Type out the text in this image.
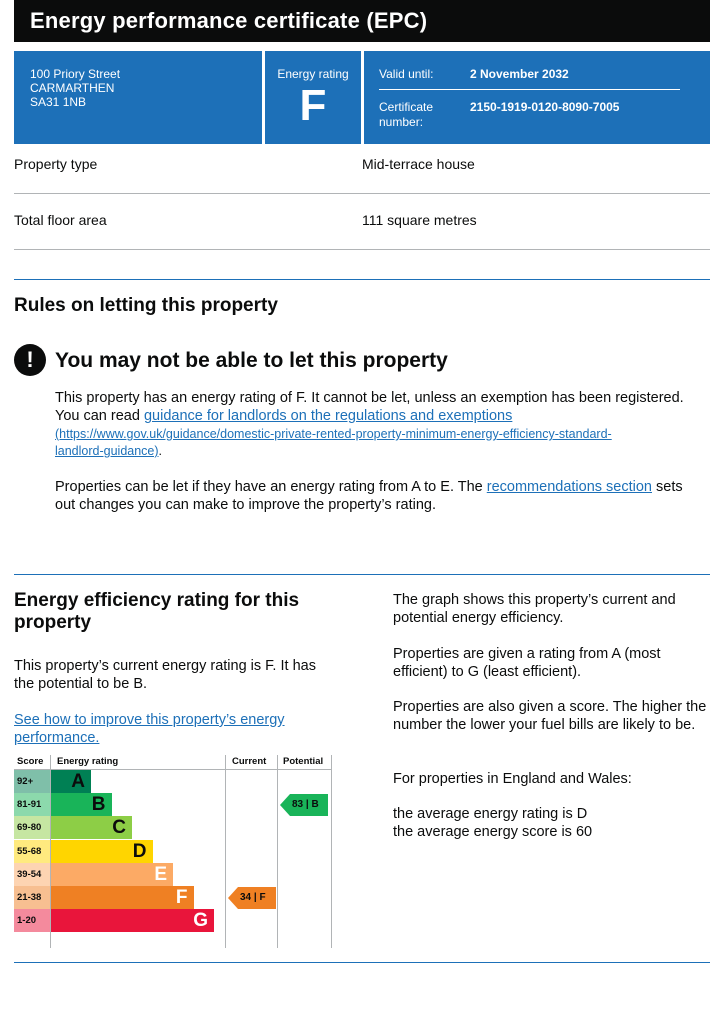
Energy performance certificate (EPC)
100 Priory Street
CARMARTHEN
SA31 1NB
Energy rating
F
Valid until:	2 November 2032
Certificate number:
2150-1919-0120-8090-7005
Property type	Mid-terrace house
Total floor area	111 square metres
Rules on letting this property
!	You may not be able to let this property
This property has an energy rating of F. It cannot be let, unless an exemption has been registered. You can read guidance for landlords on the regulations and exemptions
(https://www.gov.uk/guidance/domestic-private-rented-property-minimum-energy-efficiency-standard-
landlord-guidance).
Properties can be let if they have an energy rating from A to E. The recommendations section sets out changes you can make to improve the property’s rating.
Energy efficiency rating for this property
This property’s current energy rating is F. It has the potential to be B.
See how to improve this property’s energy performance.
The graph shows this property’s current and potential energy efficiency.
Properties are given a rating from A (most efficient) to G (least efficient).
Properties are also given a score. The higher the number the lower your fuel bills are likely to be.
For properties in England and Wales:
the average energy rating is D
the average energy score is 60
Score Energy rating	Current Potential
92+	A
81-91	B
69-80	C
55-68	D
39-54	E
21-38	F
1-20	G
34 | F
83 | B
